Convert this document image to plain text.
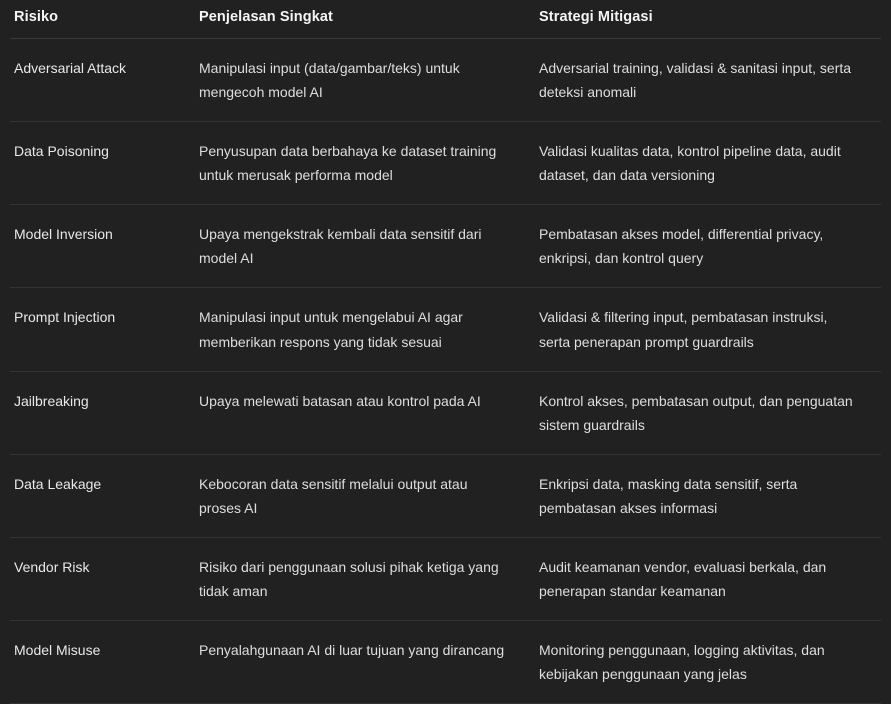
Risiko	Penjelasan Singkat	Strategi Mitigasi
Adversarial Attack	Manipulasi input (data/gambar/teks) untuk mengecoh model AI	Adversarial training, validasi & sanitasi input, serta deteksi anomali
Data Poisoning	Penyusupan data berbahaya ke dataset training untuk merusak performa model	Validasi kualitas data, kontrol pipeline data, audit dataset, dan data versioning
Model Inversion	Upaya mengekstrak kembali data sensitif dari model AI	Pembatasan akses model, differential privacy, enkripsi, dan kontrol query
Prompt Injection	Manipulasi input untuk mengelabui AI agar memberikan respons yang tidak sesuai	Validasi & filtering input, pembatasan instruksi, serta penerapan prompt guardrails
Jailbreaking	Upaya melewati batasan atau kontrol pada AI	Kontrol akses, pembatasan output, dan penguatan sistem guardrails
Data Leakage	Kebocoran data sensitif melalui output atau proses AI	Enkripsi data, masking data sensitif, serta pembatasan akses informasi
Vendor Risk	Risiko dari penggunaan solusi pihak ketiga yang tidak aman	Audit keamanan vendor, evaluasi berkala, dan penerapan standar keamanan
Model Misuse	Penyalahgunaan AI di luar tujuan yang dirancang	Monitoring penggunaan, logging aktivitas, dan kebijakan penggunaan yang jelas
